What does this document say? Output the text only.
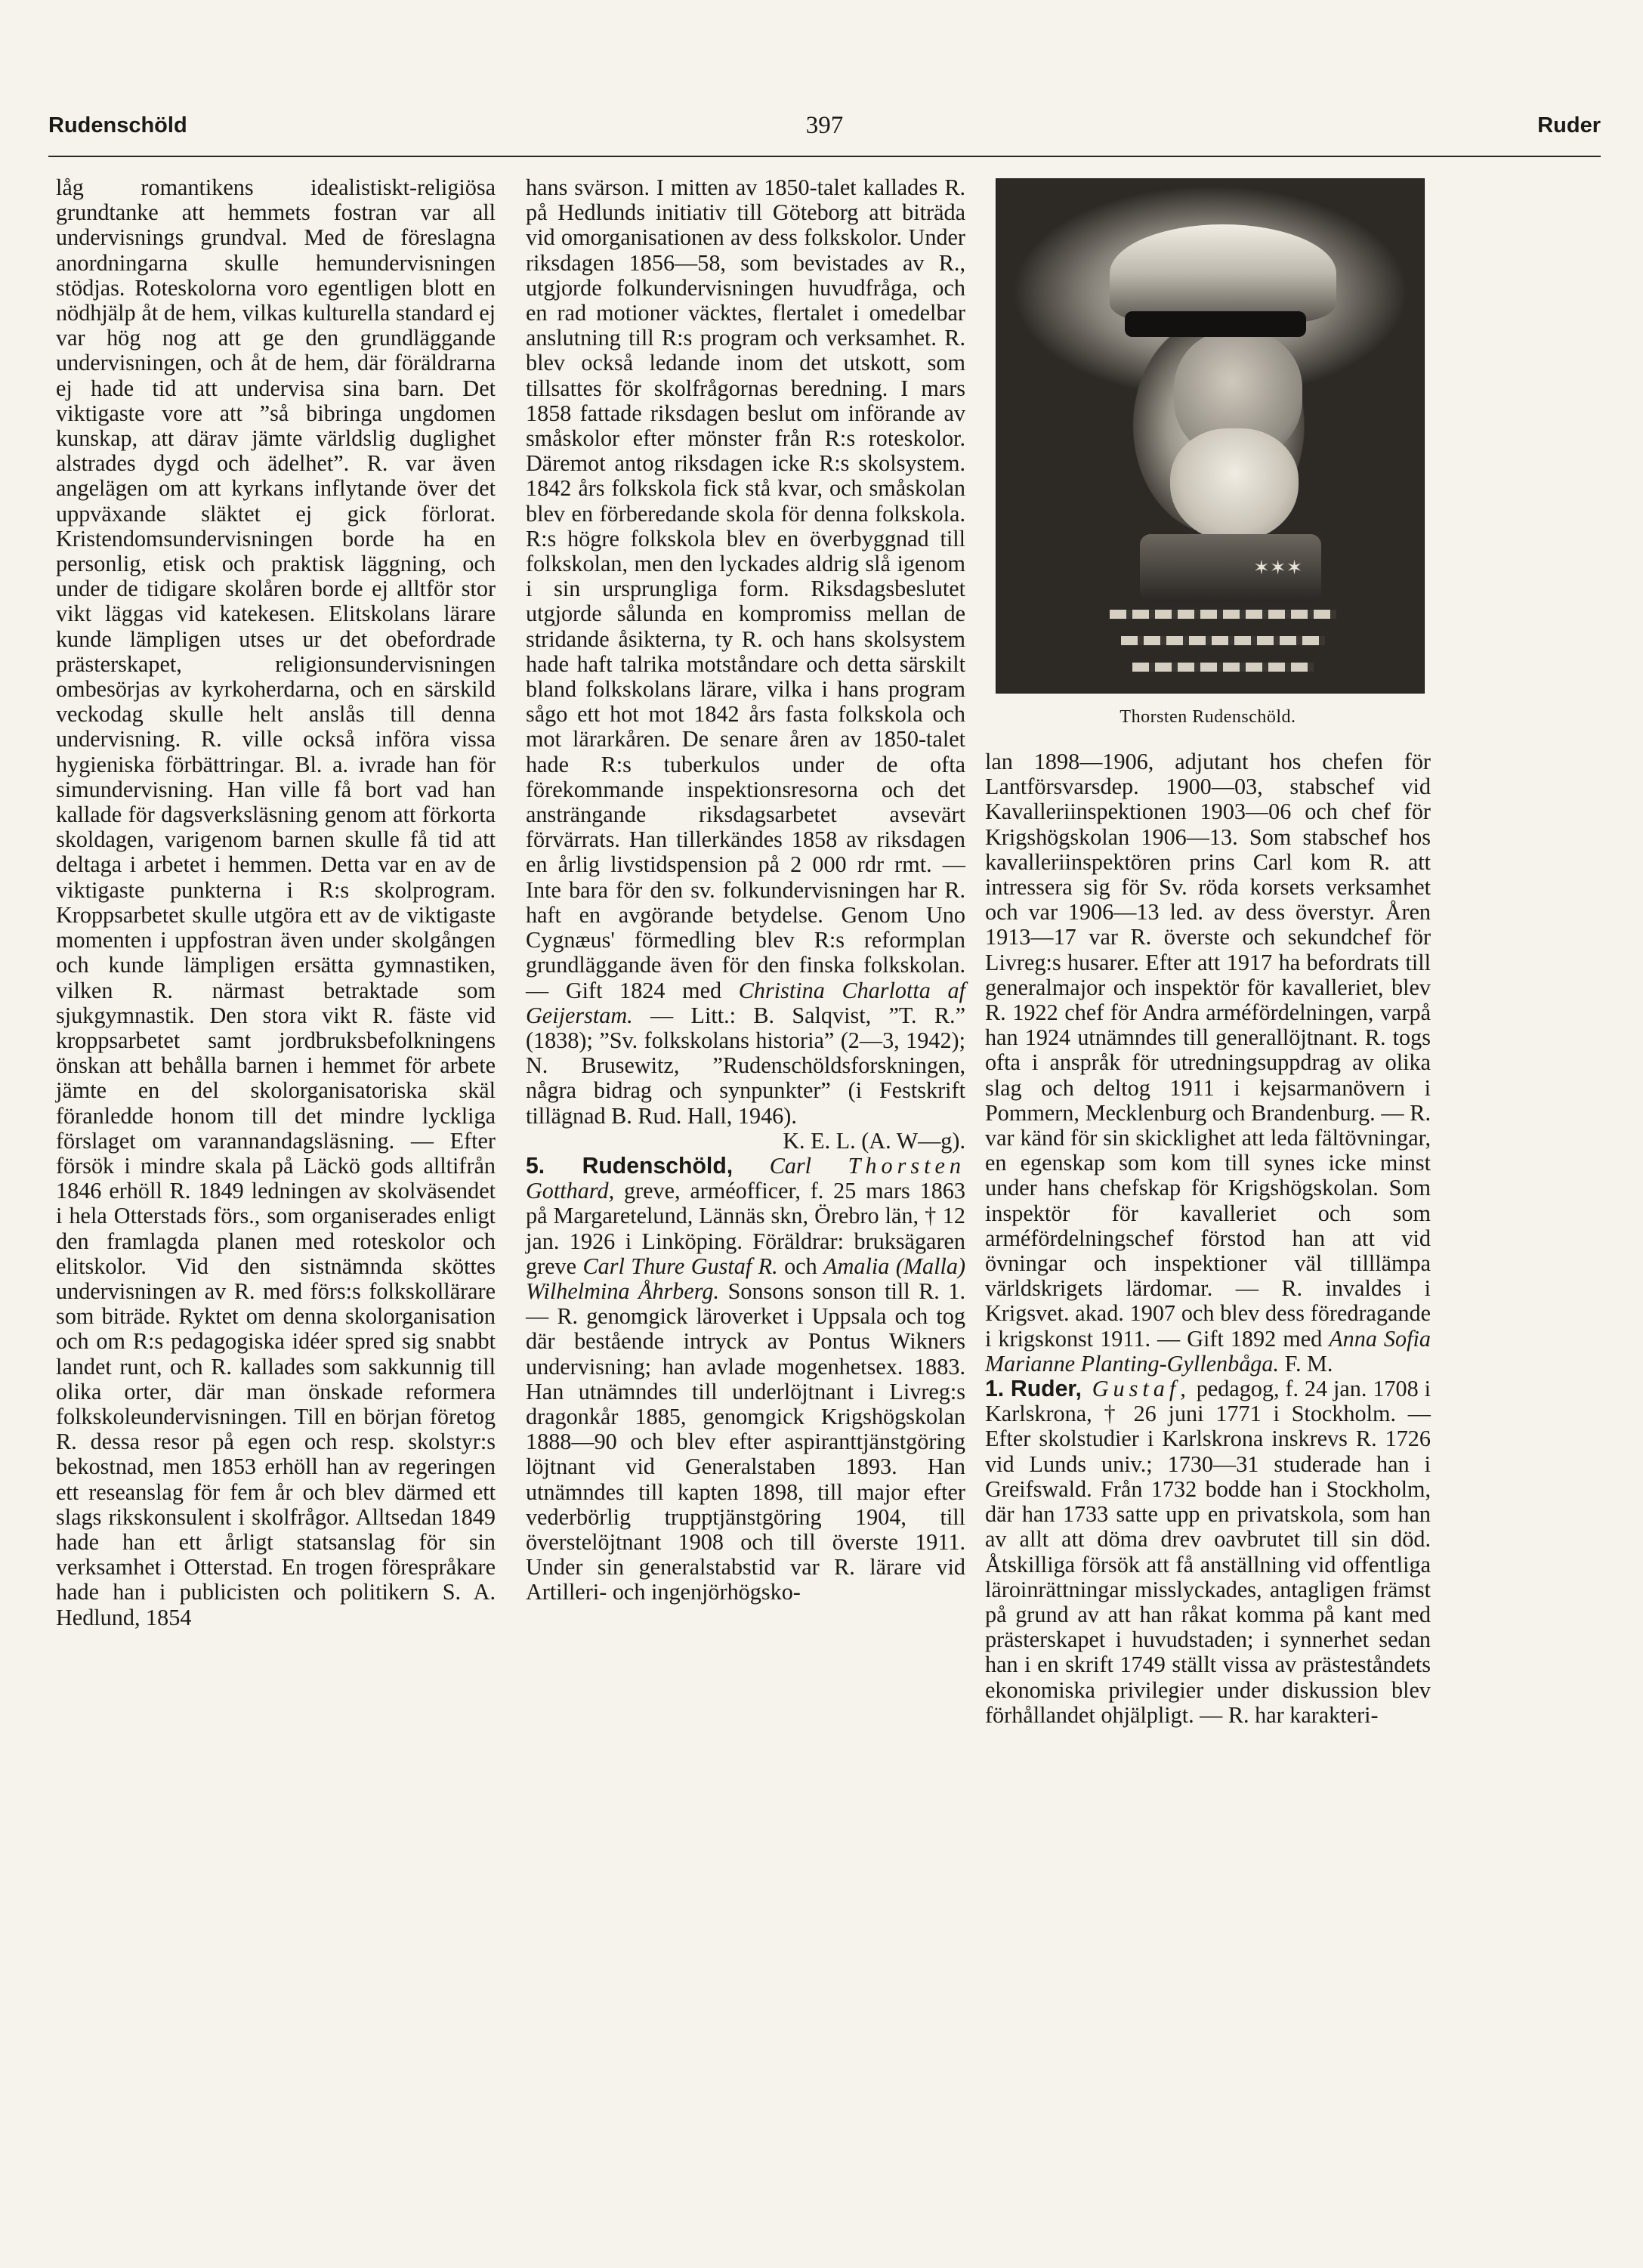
Rudenschöld	397	Ruder

låg romantikens idealistiskt-religiösa grundtanke att hemmets fostran var all undervisnings grundval. Med de föreslagna anordningarna skulle hemundervisningen stödjas. Roteskolorna voro egentligen blott en nödhjälp åt de hem, vilkas kulturella standard ej var hög nog att ge den grundläggande undervisningen, och åt de hem, där föräldrarna ej hade tid att undervisa sina barn. Det viktigaste vore att ”så bibringa ungdomen kunskap, att därav jämte världslig duglighet alstrades dygd och ädelhet”. R. var även angelägen om att kyrkans inflytande över det uppväxande släktet ej gick förlorat. Kristendomsundervisningen borde ha en personlig, etisk och praktisk läggning, och under de tidigare skolåren borde ej alltför stor vikt läggas vid katekesen. Elitskolans lärare kunde lämpligen utses ur det obefordrade prästerskapet, religionsundervisningen ombesörjas av kyrkoherdarna, och en särskild veckodag skulle helt anslås till denna undervisning. R. ville också införa vissa hygieniska förbättringar. Bl. a. ivrade han för simundervisning. Han ville få bort vad han kallade för dagsverksläsning genom att förkorta skoldagen, varigenom barnen skulle få tid att deltaga i arbetet i hemmen. Detta var en av de viktigaste punkterna i R:s skolprogram. Kroppsarbetet skulle utgöra ett av de viktigaste momenten i uppfostran även under skolgången och kunde lämpligen ersätta gymnastiken, vilken R. närmast betraktade som sjukgymnastik. Den stora vikt R. fäste vid kroppsarbetet samt jordbruksbefolkningens önskan att behålla barnen i hemmet för arbete jämte en del skolorganisatoriska skäl föranledde honom till det mindre lyckliga förslaget om varannandagsläsning. — Efter försök i mindre skala på Läckö gods alltifrån 1846 erhöll R. 1849 ledningen av skolväsendet i hela Otterstads förs., som organiserades enligt den framlagda planen med roteskolor och elitskolor. Vid den sistnämnda sköttes undervisningen av R. med förs:s folkskollärare som biträde. Ryktet om denna skolorganisation och om R:s pedagogiska idéer spred sig snabbt landet runt, och R. kallades som sakkunnig till olika orter, där man önskade reformera folkskoleundervisningen. Till en början företog R. dessa resor på egen och resp. skolstyr:s bekostnad, men 1853 erhöll han av regeringen ett reseanslag för fem år och blev därmed ett slags rikskonsulent i skolfrågor. Alltsedan 1849 hade han ett årligt statsanslag för sin verksamhet i Otterstad. En trogen förespråkare hade han i publicisten och politikern S. A. Hedlund, 1854

hans svärson. I mitten av 1850-talet kallades R. på Hedlunds initiativ till Göteborg att biträda vid omorganisationen av dess folkskolor. Under riksdagen 1856—58, som bevistades av R., utgjorde folkundervisningen huvudfråga, och en rad motioner väcktes, flertalet i omedelbar anslutning till R:s program och verksamhet. R. blev också ledande inom det utskott, som tillsattes för skolfrågornas beredning. I mars 1858 fattade riksdagen beslut om införande av småskolor efter mönster från R:s roteskolor. Däremot antog riksdagen icke R:s skolsystem. 1842 års folkskola fick stå kvar, och småskolan blev en förberedande skola för denna folkskola. R:s högre folkskola blev en överbyggnad till folkskolan, men den lyckades aldrig slå igenom i sin ursprungliga form. Riksdagsbeslutet utgjorde sålunda en kompromiss mellan de stridande åsikterna, ty R. och hans skolsystem hade haft talrika motståndare och detta särskilt bland folkskolans lärare, vilka i hans program sågo ett hot mot 1842 års fasta folkskola och mot lärarkåren. De senare åren av 1850-talet hade R:s tuberkulos under de ofta förekommande inspektionsresorna och det ansträngande riksdagsarbetet avsevärt förvärrats. Han tillerkändes 1858 av riksdagen en årlig livstidspension på 2 000 rdr rmt. — Inte bara för den sv. folkundervisningen har R. haft en avgörande betydelse. Genom Uno Cygnæus' förmedling blev R:s reformplan grundläggande även för den finska folkskolan. — Gift 1824 med Christina Charlotta af Geijerstam. — Litt.: B. Salqvist, ”T. R.” (1838); ”Sv. folkskolans historia” (2—3, 1942); N. Brusewitz, ”Rudenschöldsforskningen, några bidrag och synpunkter” (i Festskrift tillägnad B. Rud. Hall, 1946).

K. E. L. (A. W—g).

5. Rudenschöld, Carl Thorsten Gotthard, greve, arméofficer, f. 25 mars 1863 på Margaretelund, Lännäs skn, Örebro län, † 12 jan. 1926 i Linköping. Föräldrar: bruksägaren greve Carl Thure Gustaf R. och Amalia (Malla) Wilhelmina Åhrberg. Sonsons sonson till R. 1. — R. genomgick läroverket i Uppsala och tog där bestående intryck av Pontus Wikners undervisning; han avlade mogenhetsex. 1883. Han utnämndes till underlöjtnant i Livreg:s dragonkår 1885, genomgick Krigshögskolan 1888—90 och blev efter aspiranttjänstgöring löjtnant vid Generalstaben 1893. Han utnämndes till kapten 1898, till major efter vederbörlig trupptjänstgöring 1904, till överstelöjtnant 1908 och till överste 1911. Under sin generalstabstid var R. lärare vid Artilleri- och ingenjörhögsko-

✶✶✶
Thorsten Rudenschöld.

lan 1898—1906, adjutant hos chefen för Lantförsvarsdep. 1900—03, stabschef vid Kavalleriinspektionen 1903—06 och chef för Krigshögskolan 1906—13. Som stabschef hos kavalleriinspektören prins Carl kom R. att intressera sig för Sv. röda korsets verksamhet och var 1906—13 led. av dess överstyr. Åren 1913—17 var R. överste och sekundchef för Livreg:s husarer. Efter att 1917 ha befordrats till generalmajor och inspektör för kavalleriet, blev R. 1922 chef för Andra arméfördelningen, varpå han 1924 utnämndes till generallöjtnant. R. togs ofta i anspråk för utredningsuppdrag av olika slag och deltog 1911 i kejsarmanövern i Pommern, Mecklenburg och Brandenburg. — R. var känd för sin skicklighet att leda fältövningar, en egenskap som kom till synes icke minst under hans chefskap för Krigshögskolan. Som inspektör för kavalleriet och som arméfördelningschef förstod han att vid övningar och inspektioner väl tilllämpa världskrigets lärdomar. — R. invaldes i Krigsvet. akad. 1907 och blev dess föredragande i krigskonst 1911. — Gift 1892 med Anna Sofia Marianne Planting-Gyllenbåga. F. M.

1. Ruder, Gustaf, pedagog, f. 24 jan. 1708 i Karlskrona, † 26 juni 1771 i Stockholm. — Efter skolstudier i Karlskrona inskrevs R. 1726 vid Lunds univ.; 1730—31 studerade han i Greifswald. Från 1732 bodde han i Stockholm, där han 1733 satte upp en privatskola, som han av allt att döma drev oavbrutet till sin död. Åtskilliga försök att få anställning vid offentliga läroinrättningar misslyckades, antagligen främst på grund av att han råkat komma på kant med prästerskapet i huvudstaden; i synnerhet sedan han i en skrift 1749 ställt vissa av prästeståndets ekonomiska privilegier under diskussion blev förhållandet ohjälpligt. — R. har karakteri-
